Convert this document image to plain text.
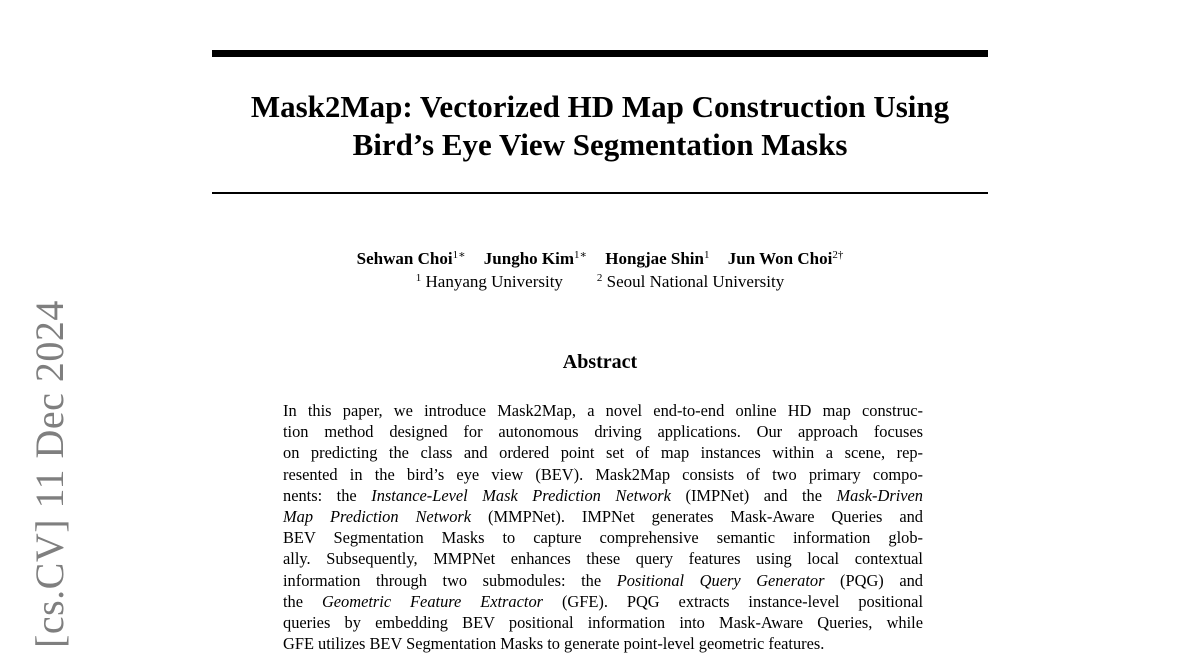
Mask2Map: Vectorized HD Map Construction Using
Bird’s Eye View Segmentation Masks
Sehwan Choi$^{1∗}$ Jungho Kim$^{1∗}$ Hongjae Shin$^1$ Jun Won Choi$^{2\dagger}$
$^1$ Hanyang University	$^2$ Seoul National University
Abstract
In this paper, we introduce Mask2Map, a novel end-to-end online HD map construc-
tion method designed for autonomous driving applications. Our approach focuses
on predicting the class and ordered point set of map instances within a scene, rep-
resented in the bird’s eye view (BEV). Mask2Map consists of two primary compo-
nents: the Instance-Level Mask Prediction Network (IMPNet) and the Mask-Driven
Map Prediction Network (MMPNet). IMPNet generates Mask-Aware Queries and
BEV Segmentation Masks to capture comprehensive semantic information glob-
ally. Subsequently, MMPNet enhances these query features using local contextual
information through two submodules: the Positional Query Generator (PQG) and
the Geometric Feature Extractor (GFE). PQG extracts instance-level positional
queries by embedding BEV positional information into Mask-Aware Queries, while
GFE utilizes BEV Segmentation Masks to generate point-level geometric features.
[cs.CV] 11 Dec 2024
